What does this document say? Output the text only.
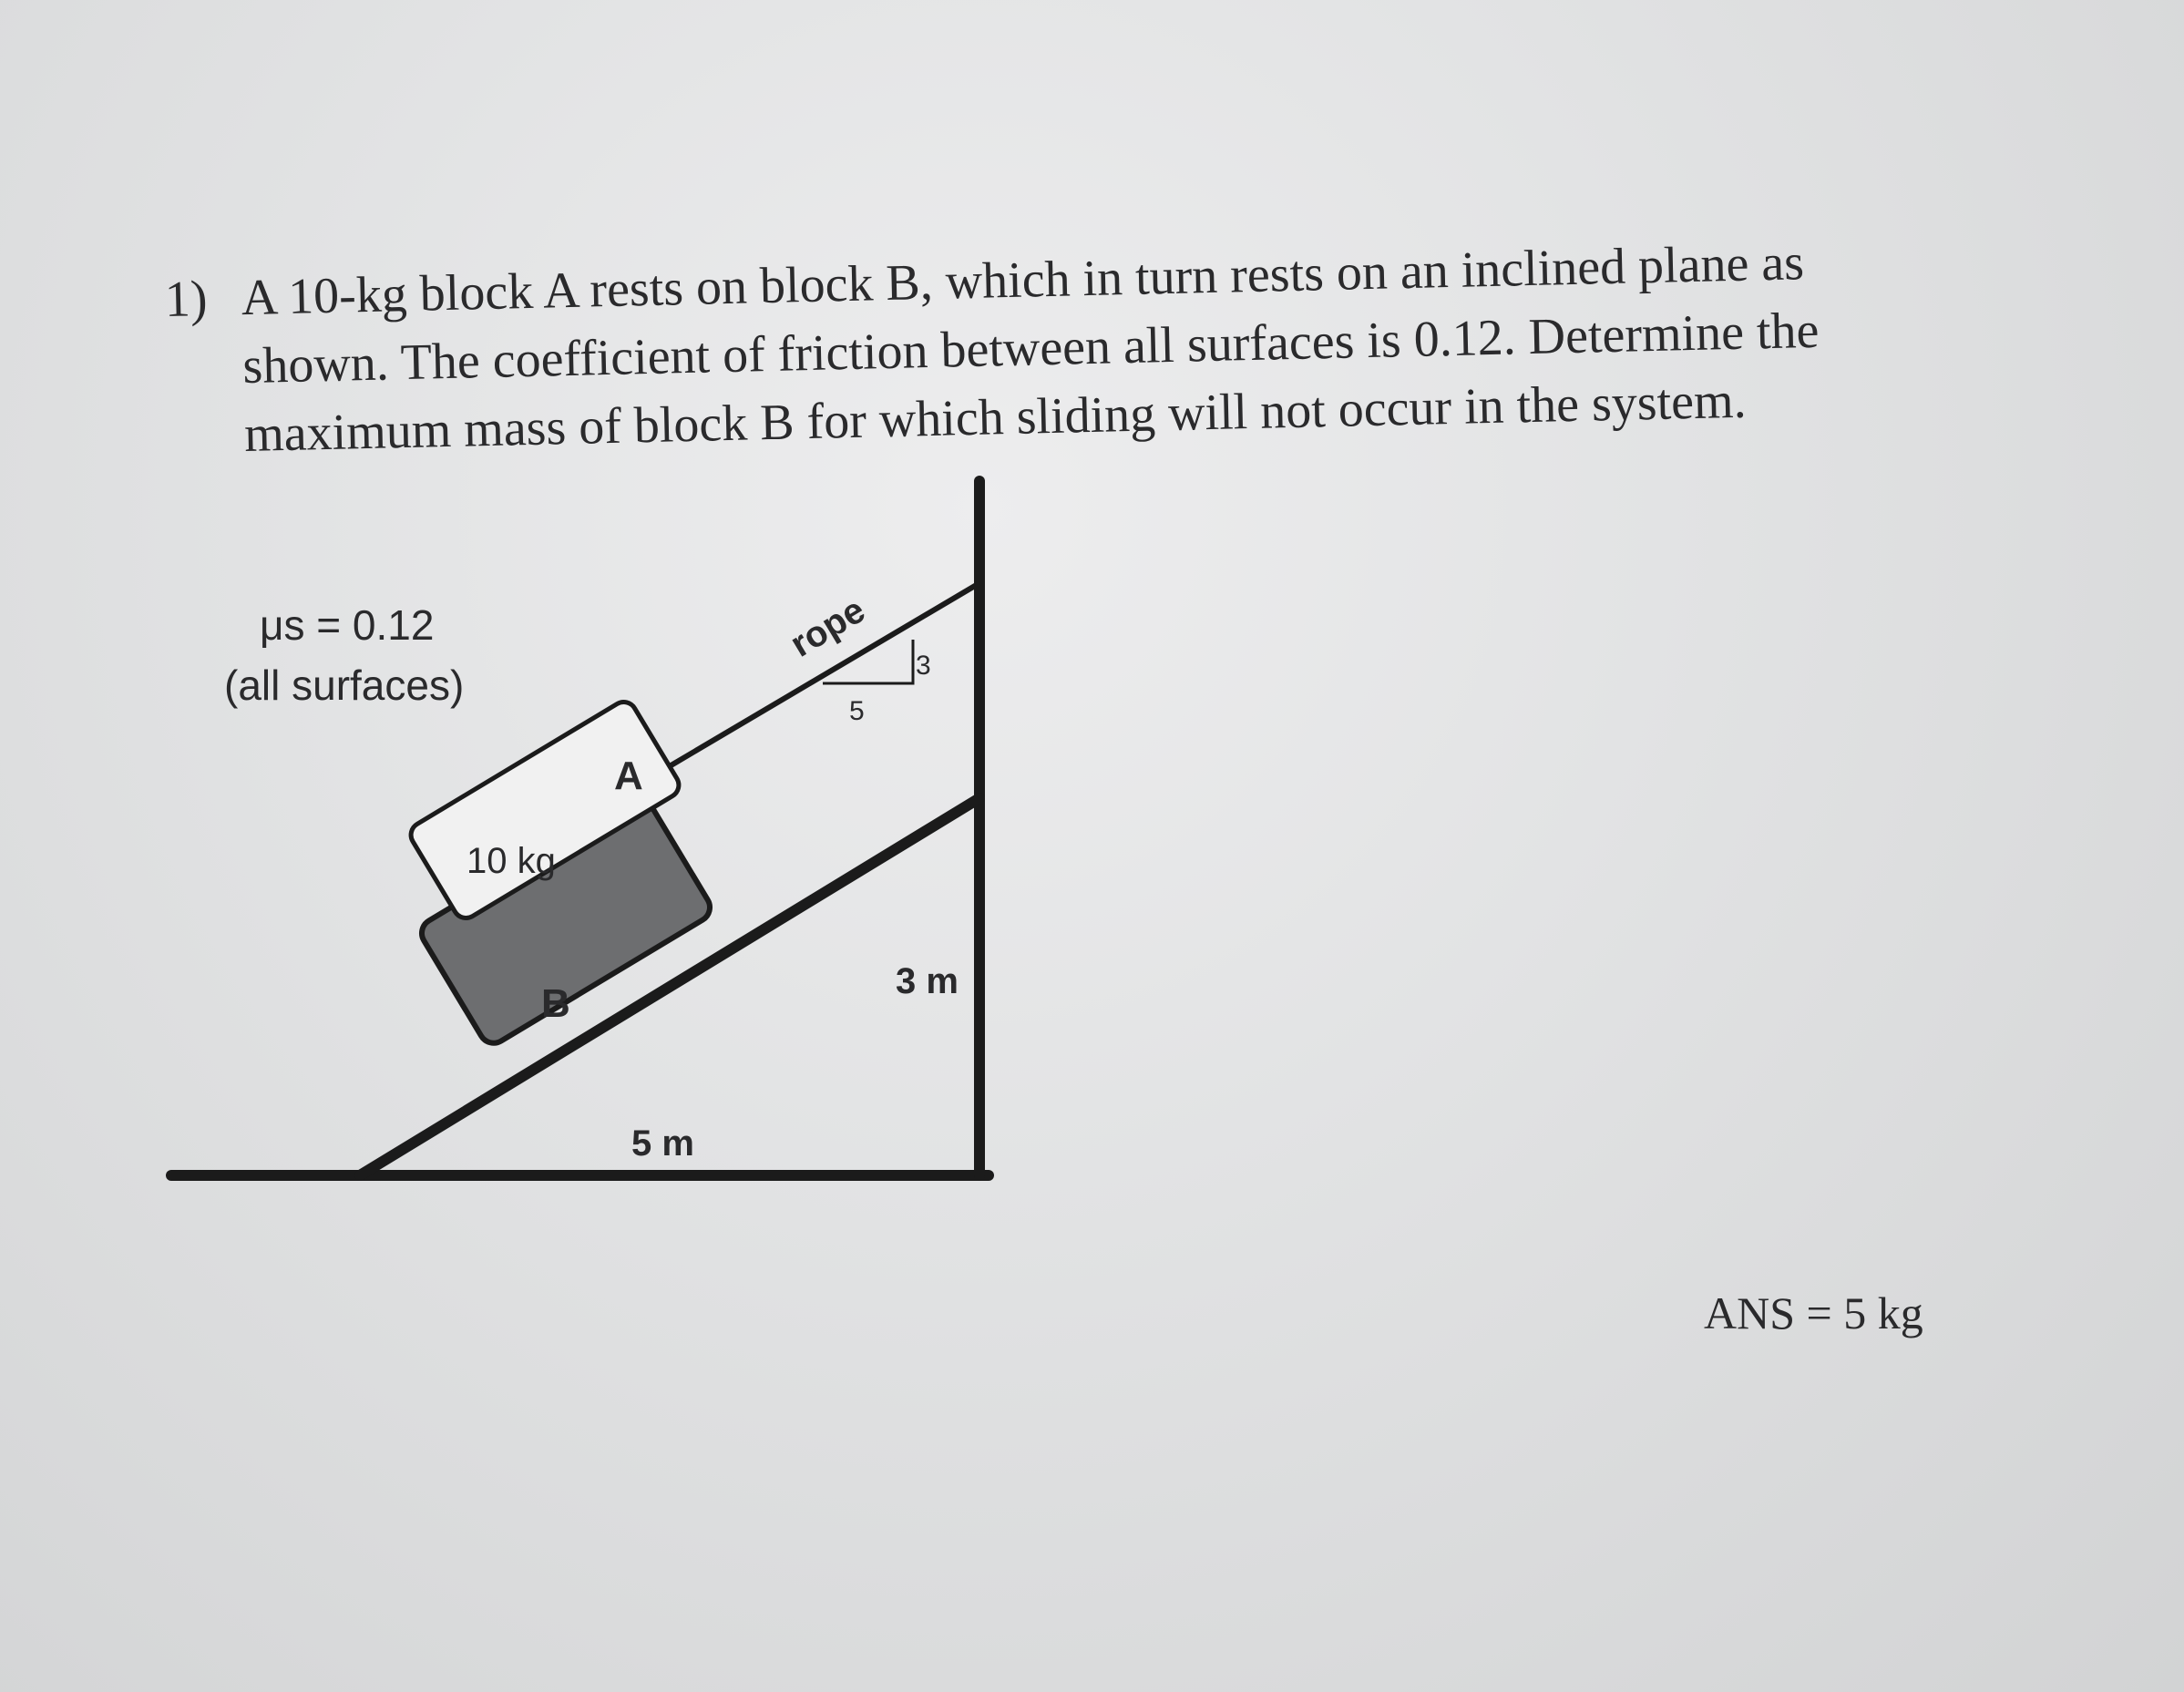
1) A 10-kg block A rests on block B, which in turn rests on an inclined plane as
shown. The coefficient of friction between all surfaces is 0.12. Determine the
maximum mass of block B for which sliding will not occur in the system.
3
5
rope
A
10 kg
B	3 m
5 m
μs = 0.12
(all surfaces)
ANS = 5 kg
